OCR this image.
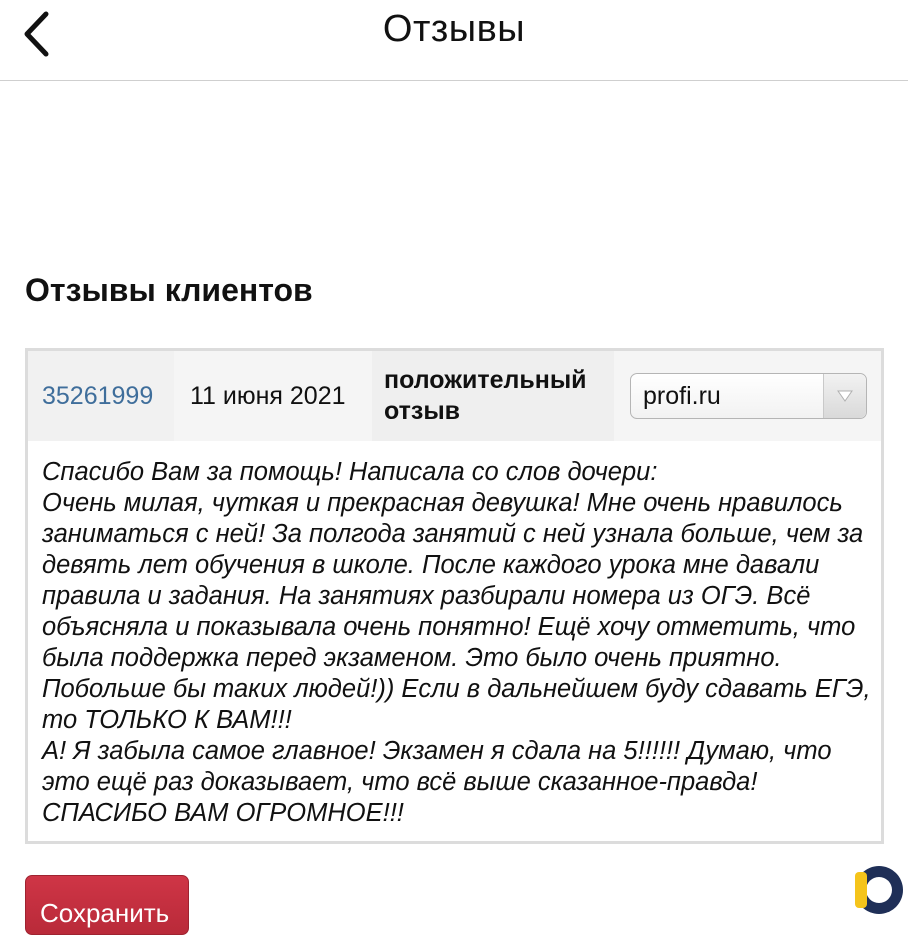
Отзывы
Отзывы клиентов
35261999 11 июня 2021
положительный отзыв
profi.ru
Спасибо Вам за помощь! Написала со слов дочери:
Очень милая, чуткая и прекрасная девушка! Мне очень нравилось заниматься с ней! За полгода занятий с ней узнала больше, чем за девять лет обучения в школе. После каждого урока мне давали правила и задания. На занятиях разбирали номера из ОГЭ. Всё объясняла и показывала очень понятно! Ещё хочу отметить, что была поддержка перед экзаменом. Это было очень приятно. Побольше бы таких людей!)) Если в дальнейшем буду сдавать ЕГЭ, то ТОЛЬКО К ВАМ!!!
А! Я забыла самое главное! Экзамен я сдала на 5!!!!!! Думаю, что это ещё раз доказывает, что всё выше сказанное-правда! СПАСИБО ВАМ ОГРОМНОЕ!!!
Сохранить
